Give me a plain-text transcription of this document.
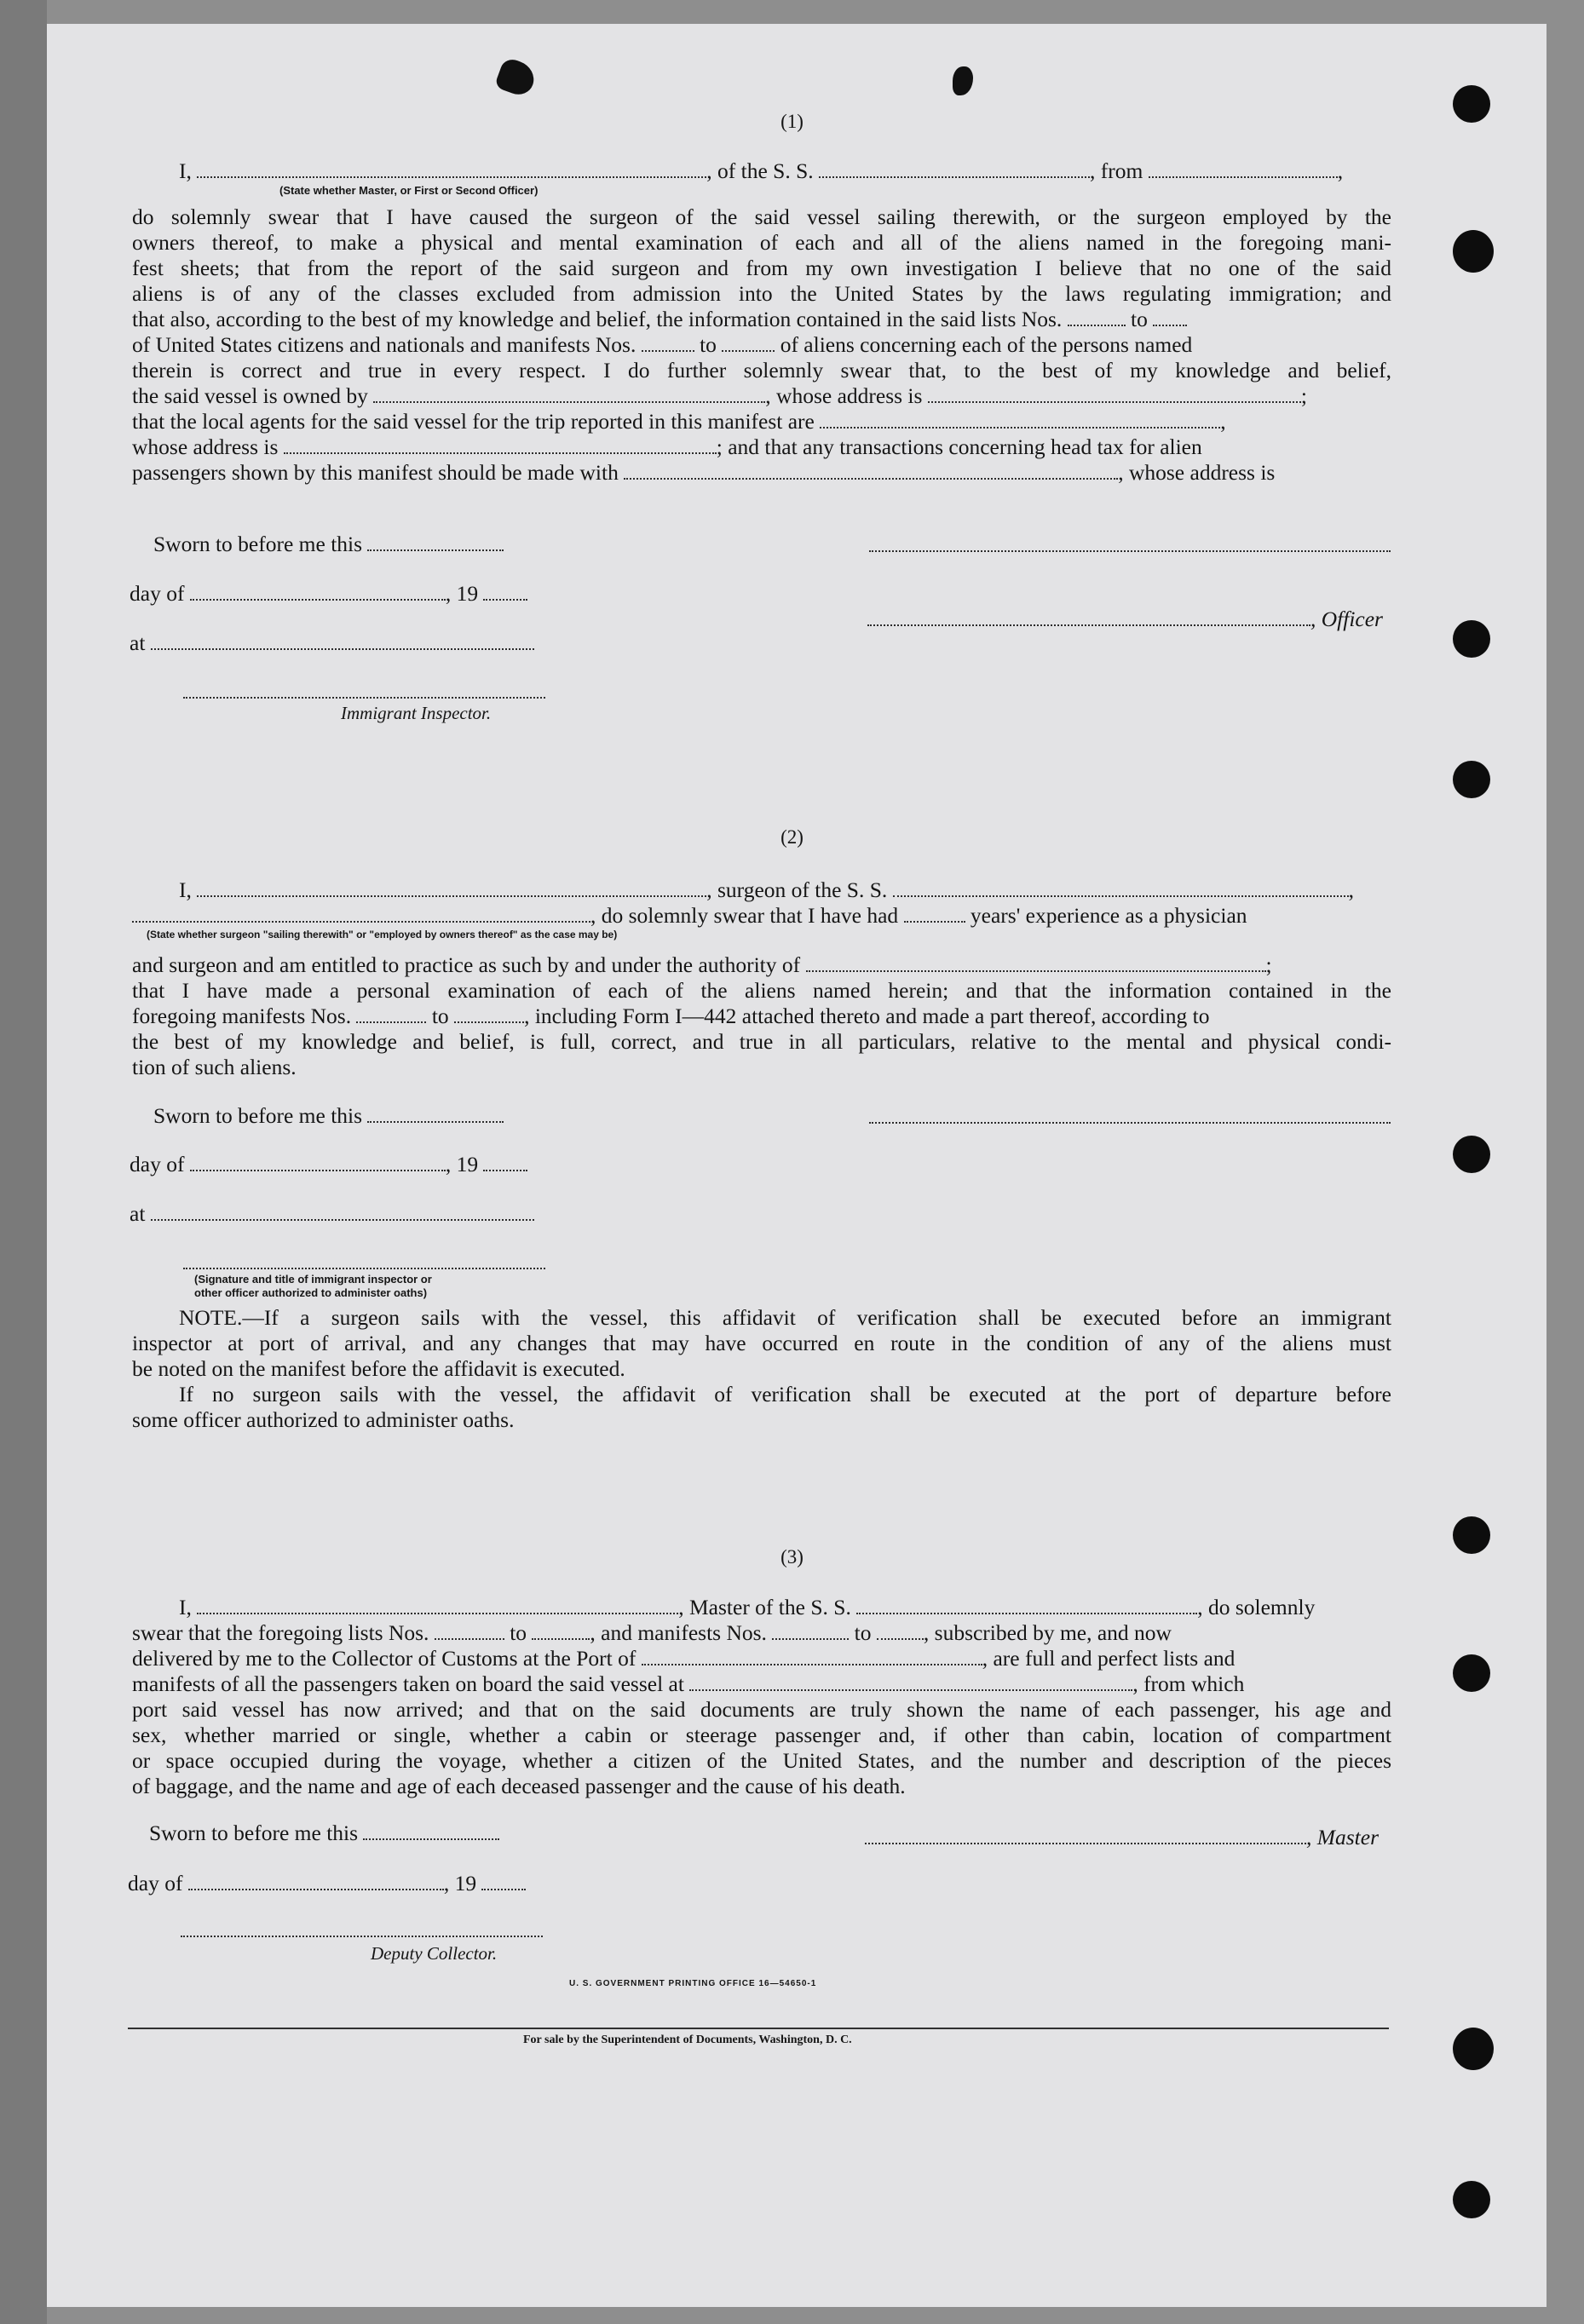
(1)
I,	, of the S. S.	, from	,
(State whether Master, or First or Second Officer)
do solemnly swear that I have caused the surgeon of the said vessel sailing therewith, or the surgeon employed by the
owners thereof, to make a physical and mental examination of each and all of the aliens named in the foregoing mani-
fest sheets; that from the report of the said surgeon and from my own investigation I believe that no one of the said
aliens is of any of the classes excluded from admission into the United States by the laws regulating immigration; and
that also, according to the best of my knowledge and belief, the information contained in the said lists Nos.	to
of United States citizens and nationals and manifests Nos.	to	of aliens concerning each of the persons named
therein is correct and true in every respect. I do further solemnly swear that, to the best of my knowledge and belief,
the said vessel is owned by	, whose address is	;
that the local agents for the said vessel for the trip reported in this manifest are	,
whose address is	; and that any transactions concerning head tax for alien
passengers shown by this manifest should be made with	, whose address is
Sworn to before me this
day of	, 19
, Officer
at
Immigrant Inspector.
(2)
I,	, surgeon of the S. S.	,
, do solemnly swear that I have had	years' experience as a physician
(State whether surgeon "sailing therewith" or "employed by owners thereof" as the case may be)
and surgeon and am entitled to practice as such by and under the authority of	;
that I have made a personal examination of each of the aliens named herein; and that the information contained in the
foregoing manifests Nos.	to	, including Form I—442 attached thereto and made a part thereof, according to
the best of my knowledge and belief, is full, correct, and true in all particulars, relative to the mental and physical condi-
tion of such aliens.
Sworn to before me this
day of	, 19
at
(Signature and title of immigrant inspector or
other officer authorized to administer oaths)
NOTE.—If a surgeon sails with the vessel, this affidavit of verification shall be executed before an immigrant
inspector at port of arrival, and any changes that may have occurred en route in the condition of any of the aliens must
be noted on the manifest before the affidavit is executed.
If no surgeon sails with the vessel, the affidavit of verification shall be executed at the port of departure before
some officer authorized to administer oaths.
(3)
I,	, Master of the S. S.	, do solemnly
swear that the foregoing lists Nos.	to	, and manifests Nos.	to , subscribed by me, and now
delivered by me to the Collector of Customs at the Port of	, are full and perfect lists and
manifests of all the passengers taken on board the said vessel at	, from which
port said vessel has now arrived; and that on the said documents are truly shown the name of each passenger, his age and
sex, whether married or single, whether a cabin or steerage passenger and, if other than cabin, location of compartment
or space occupied during the voyage, whether a citizen of the United States, and the number and description of the pieces
of baggage, and the name and age of each deceased passenger and the cause of his death.
Sworn to before me this	, Master
day of	, 19
Deputy Collector.
U. S. GOVERNMENT PRINTING OFFICE 16—54650-1
For sale by the Superintendent of Documents, Washington, D. C.
